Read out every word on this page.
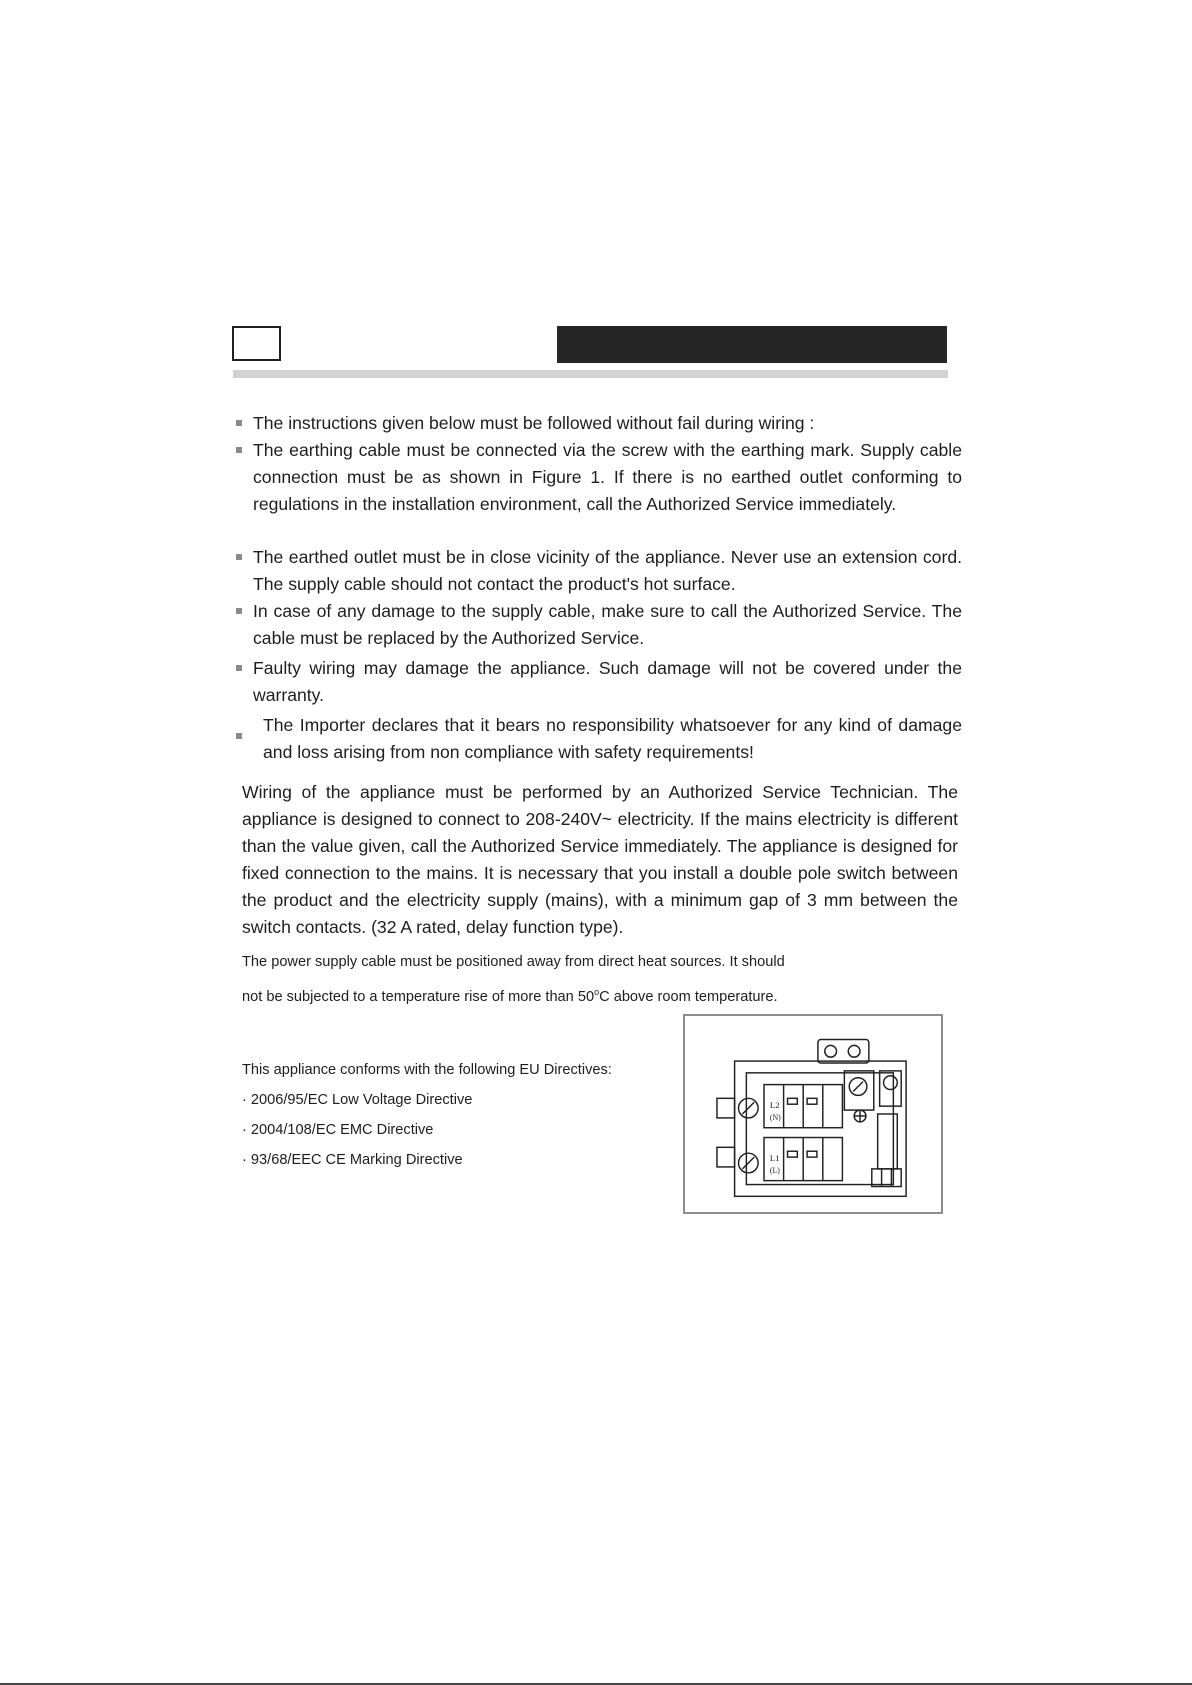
The instructions given below must be followed without fail during wiring :
The earthing cable must be connected via the screw with the earthing mark. Supply cable connection must be as shown in Figure 1. If there is no earthed outlet conforming to regulations in the installation environment, call the Authorized Service immediately.
The earthed outlet must be in close vicinity of the appliance. Never use an extension cord. The supply cable should not contact the product's hot surface.
In case of any damage to the supply cable, make sure to call the Authorized Service. The cable must be replaced by the Authorized Service.
Faulty wiring may damage the appliance. Such damage will not be covered under the warranty.
The Importer declares that it bears no responsibility whatsoever for any kind of damage and loss arising from non compliance with safety requirements!
Wiring of the appliance must be performed by an Authorized Service Technician. The appliance is designed to connect to 208-240V~ electricity. If the mains electricity is different than the value given, call the Authorized Service immediately. The appliance is designed for fixed connection to the mains. It is necessary that you install a double pole switch between the product and the electricity supply (mains), with a minimum gap of 3 mm between the switch contacts. (32 A rated, delay function type).
The power supply cable must be positioned away from direct heat sources. It should not be subjected to a temperature rise of more than 50$^o$C above room temperature.
This appliance conforms with the following EU Directives:
· 2006/95/EC Low Voltage Directive
· 2004/108/EC EMC Directive
· 93/68/EEC CE Marking Directive
L2
(N)
L1
(L)
